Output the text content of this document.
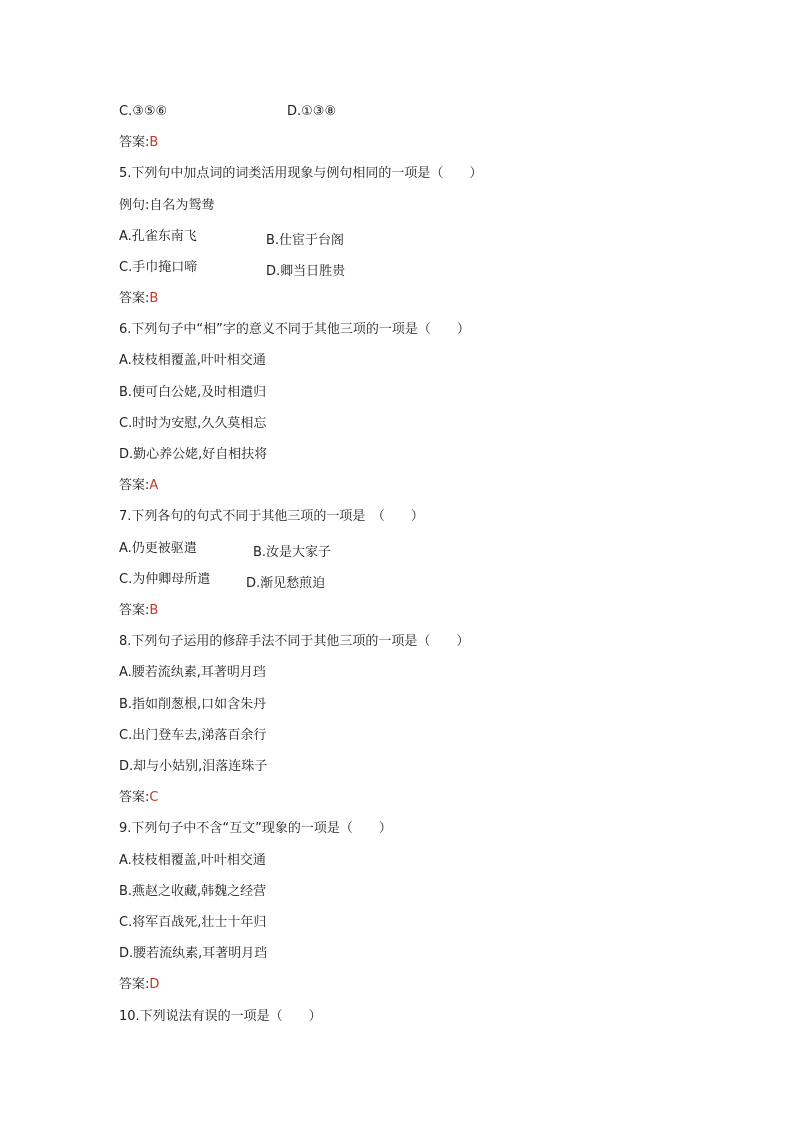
C.③⑤⑥	D.①③⑧
答案:B
5.下列句中加点词的词类活用现象与例句相同的一项是（　　）
例句:自名为鸳鸯
A.孔雀东南飞	B.仕宦于台阁
C.手巾掩口啼	D.卿当日胜贵
答案:B
6.下列句子中“相”字的意义不同于其他三项的一项是（　　）
A.枝枝相覆盖,叶叶相交通
B.便可白公姥,及时相遣归
C.时时为安慰,久久莫相忘
D.勤心养公姥,好自相扶将
答案:A
7.下列各句的句式不同于其他三项的一项是　（　　）
A.仍更被驱遣	B.汝是大家子
C.为仲卿母所遣	D.渐见愁煎迫
答案:B
8.下列句子运用的修辞手法不同于其他三项的一项是（　　）
A.腰若流纨素,耳著明月珰
B.指如削葱根,口如含朱丹
C.出门登车去,涕落百余行
D.却与小姑别,泪落连珠子
答案:C
9.下列句子中不含“互文”现象的一项是（　　）
A.枝枝相覆盖,叶叶相交通
B.燕赵之收藏,韩魏之经营
C.将军百战死,壮士十年归
D.腰若流纨素,耳著明月珰
答案:D
10.下列说法有误的一项是（　　）
